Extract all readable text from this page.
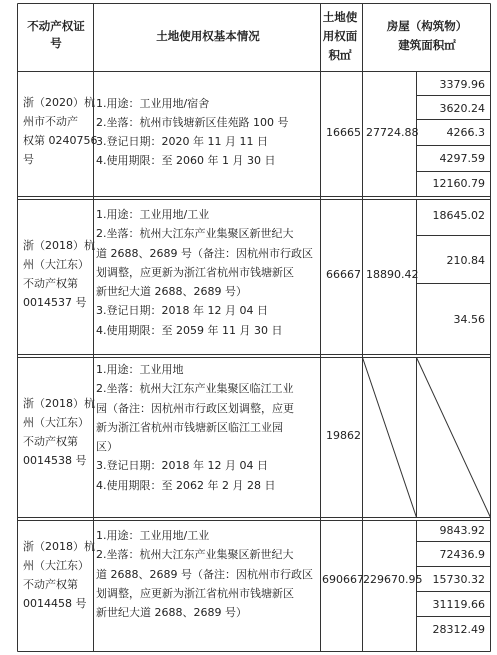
不动产权证
号	土地使用权基本情况
土地使
用权面
积㎡
房屋（构筑物）
建筑面积㎡
浙（2020）杭
州市不动产
权第 0240756
号
1.用途：工业用地/宿舍
2.坐落：杭州市钱塘新区佳苑路 100 号
3.登记日期：2020 年 11 月 11 日
4.使用期限：至 2060 年 1 月 30 日
16665 27724.88
3379.96
3620.24
4266.3
4297.59
12160.79
浙（2018）杭
州（大江东）
不动产权第
0014537 号
1.用途：工业用地/工业
2.坐落：杭州大江东产业集聚区新世纪大
道 2688、2689 号（备注：因杭州市行政区
划调整，应更新为浙江省杭州市钱塘新区
新世纪大道 2688、2689 号）
3.登记日期：2018 年 12 月 04 日
4.使用期限：至 2059 年 11 月 30 日
66667 18890.42
18645.02
210.84
34.56
浙（2018）杭
州（大江东）
不动产权第
0014538 号
1.用途：工业用地
2.坐落：杭州大江东产业集聚区临江工业
园（备注：因杭州市行政区划调整，应更
新为浙江省杭州市钱塘新区临江工业园
区）
3.登记日期：2018 年 12 月 04 日
4.使用期限：至 2062 年 2 月 28 日
19862
浙（2018）杭
州（大江东）
不动产权第
0014458 号
1.用途：工业用地/工业
2.坐落：杭州大江东产业集聚区新世纪大
道 2688、2689 号（备注：因杭州市行政区
划调整，应更新为浙江省杭州市钱塘新区
新世纪大道 2688、2689 号）
690667 229670.95
9843.92
72436.9
15730.32
31119.66
28312.49
